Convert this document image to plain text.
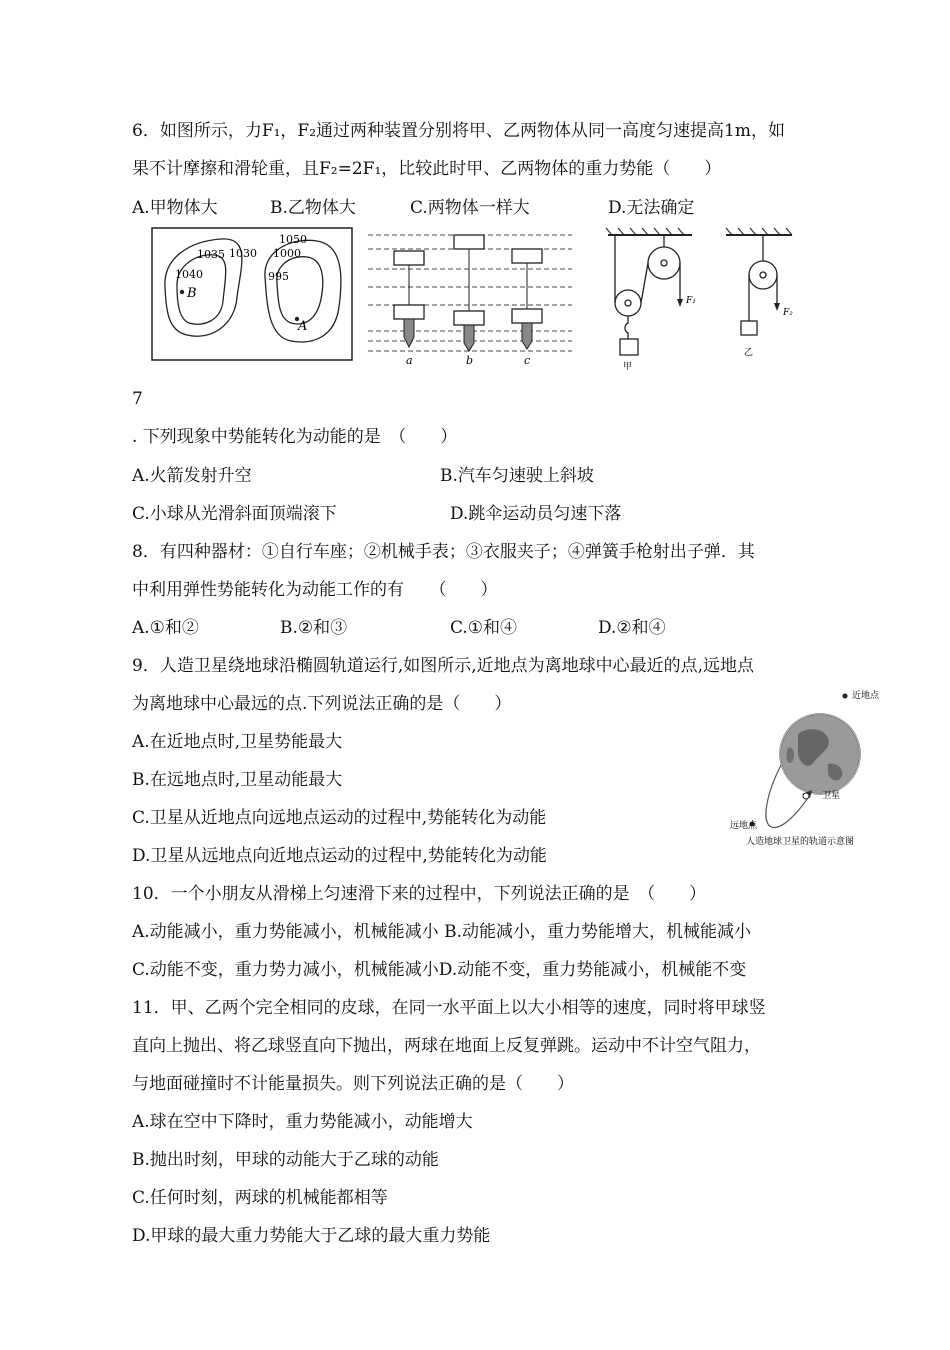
6．如图所示，力F₁，F₂通过两种装置分别将甲、乙两物体从同一高度匀速提高1m，如
果不计摩擦和滑轮重，且F₂=2F₁，比较此时甲、乙两物体的重力势能（　　）
A.甲物体大	B.乙物体大	C.两物体一样大	D.无法确定
1050
1035 1030 1000
1040	995
B
A
a	b	c
F₁
F₂
甲
乙
7
. 下列现象中势能转化为动能的是　（　　）
A.火箭发射升空	B.汽车匀速驶上斜坡
C.小球从光滑斜面顶端滚下	D.跳伞运动员匀速下落
8．有四种器材：①自行车座；②机械手表；③衣服夹子；④弹簧手枪射出子弹．其
中利用弹性势能转化为动能工作的有　　（　　）
A.①和②	B.②和③	C.①和④	D.②和④
9．人造卫星绕地球沿椭圆轨道运行,如图所示,近地点为离地球中心最近的点,远地点
为离地球中心最远的点.下列说法正确的是（　　）
A.在近地点时,卫星势能最大
B.在远地点时,卫星动能最大
C.卫星从近地点向远地点运动的过程中,势能转化为动能
D.卫星从远地点向近地点运动的过程中,势能转化为动能
近地点
远地点
卫星
人造地球卫星的轨道示意图
10．一个小朋友从滑梯上匀速滑下来的过程中，下列说法正确的是　（　　）
A.动能减小，重力势能减小，机械能减小 B.动能减小，重力势能增大，机械能减小
C.动能不变，重力势力减小，机械能减小D.动能不变，重力势能减小，机械能不变
11．甲、乙两个完全相同的皮球，在同一水平面上以大小相等的速度，同时将甲球竖
直向上抛出、将乙球竖直向下抛出，两球在地面上反复弹跳。运动中不计空气阻力，
与地面碰撞时不计能量损失。则下列说法正确的是（　　）
A.球在空中下降时，重力势能减小，动能增大
B.抛出时刻，甲球的动能大于乙球的动能
C.任何时刻，两球的机械能都相等
D.甲球的最大重力势能大于乙球的最大重力势能
